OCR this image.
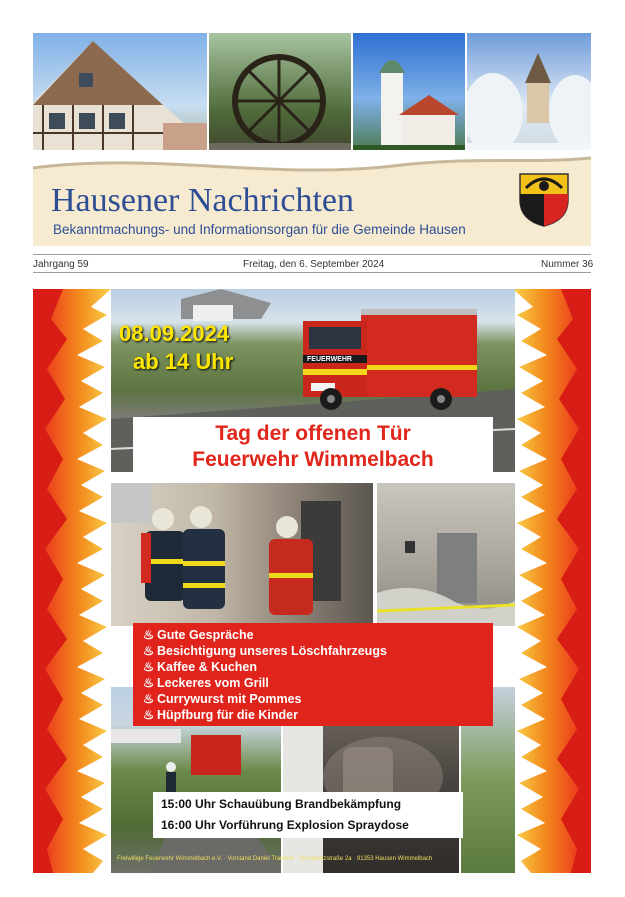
Hausener Nachrichten
Bekanntmachungs- und Informationsorgan für die Gemeinde Hausen
Jahrgang 59	Freitag, den 6. September 2024	Nummer 36
FEUERWEHR
08.09.2024
ab 14 Uhr
Tag der offenen Tür
Feuerwehr Wimmelbach
♨ Gute Gespräche
♨ Besichtigung unseres Löschfahrzeugs
♨ Kaffee & Kuchen
♨ Leckeres vom Grill
♨ Currywurst mit Pommes
♨ Hüpfburg für die Kinder
15:00 Uhr Schauübung Brandbekämpfung
16:00 Uhr Vorführung Explosion Spraydose
Freiwillige Feuerwehr Wimmelbach e.V. · Vorstand Daniel Trautner · Sportplatzstraße 2a · 91353 Hausen Wimmelbach
